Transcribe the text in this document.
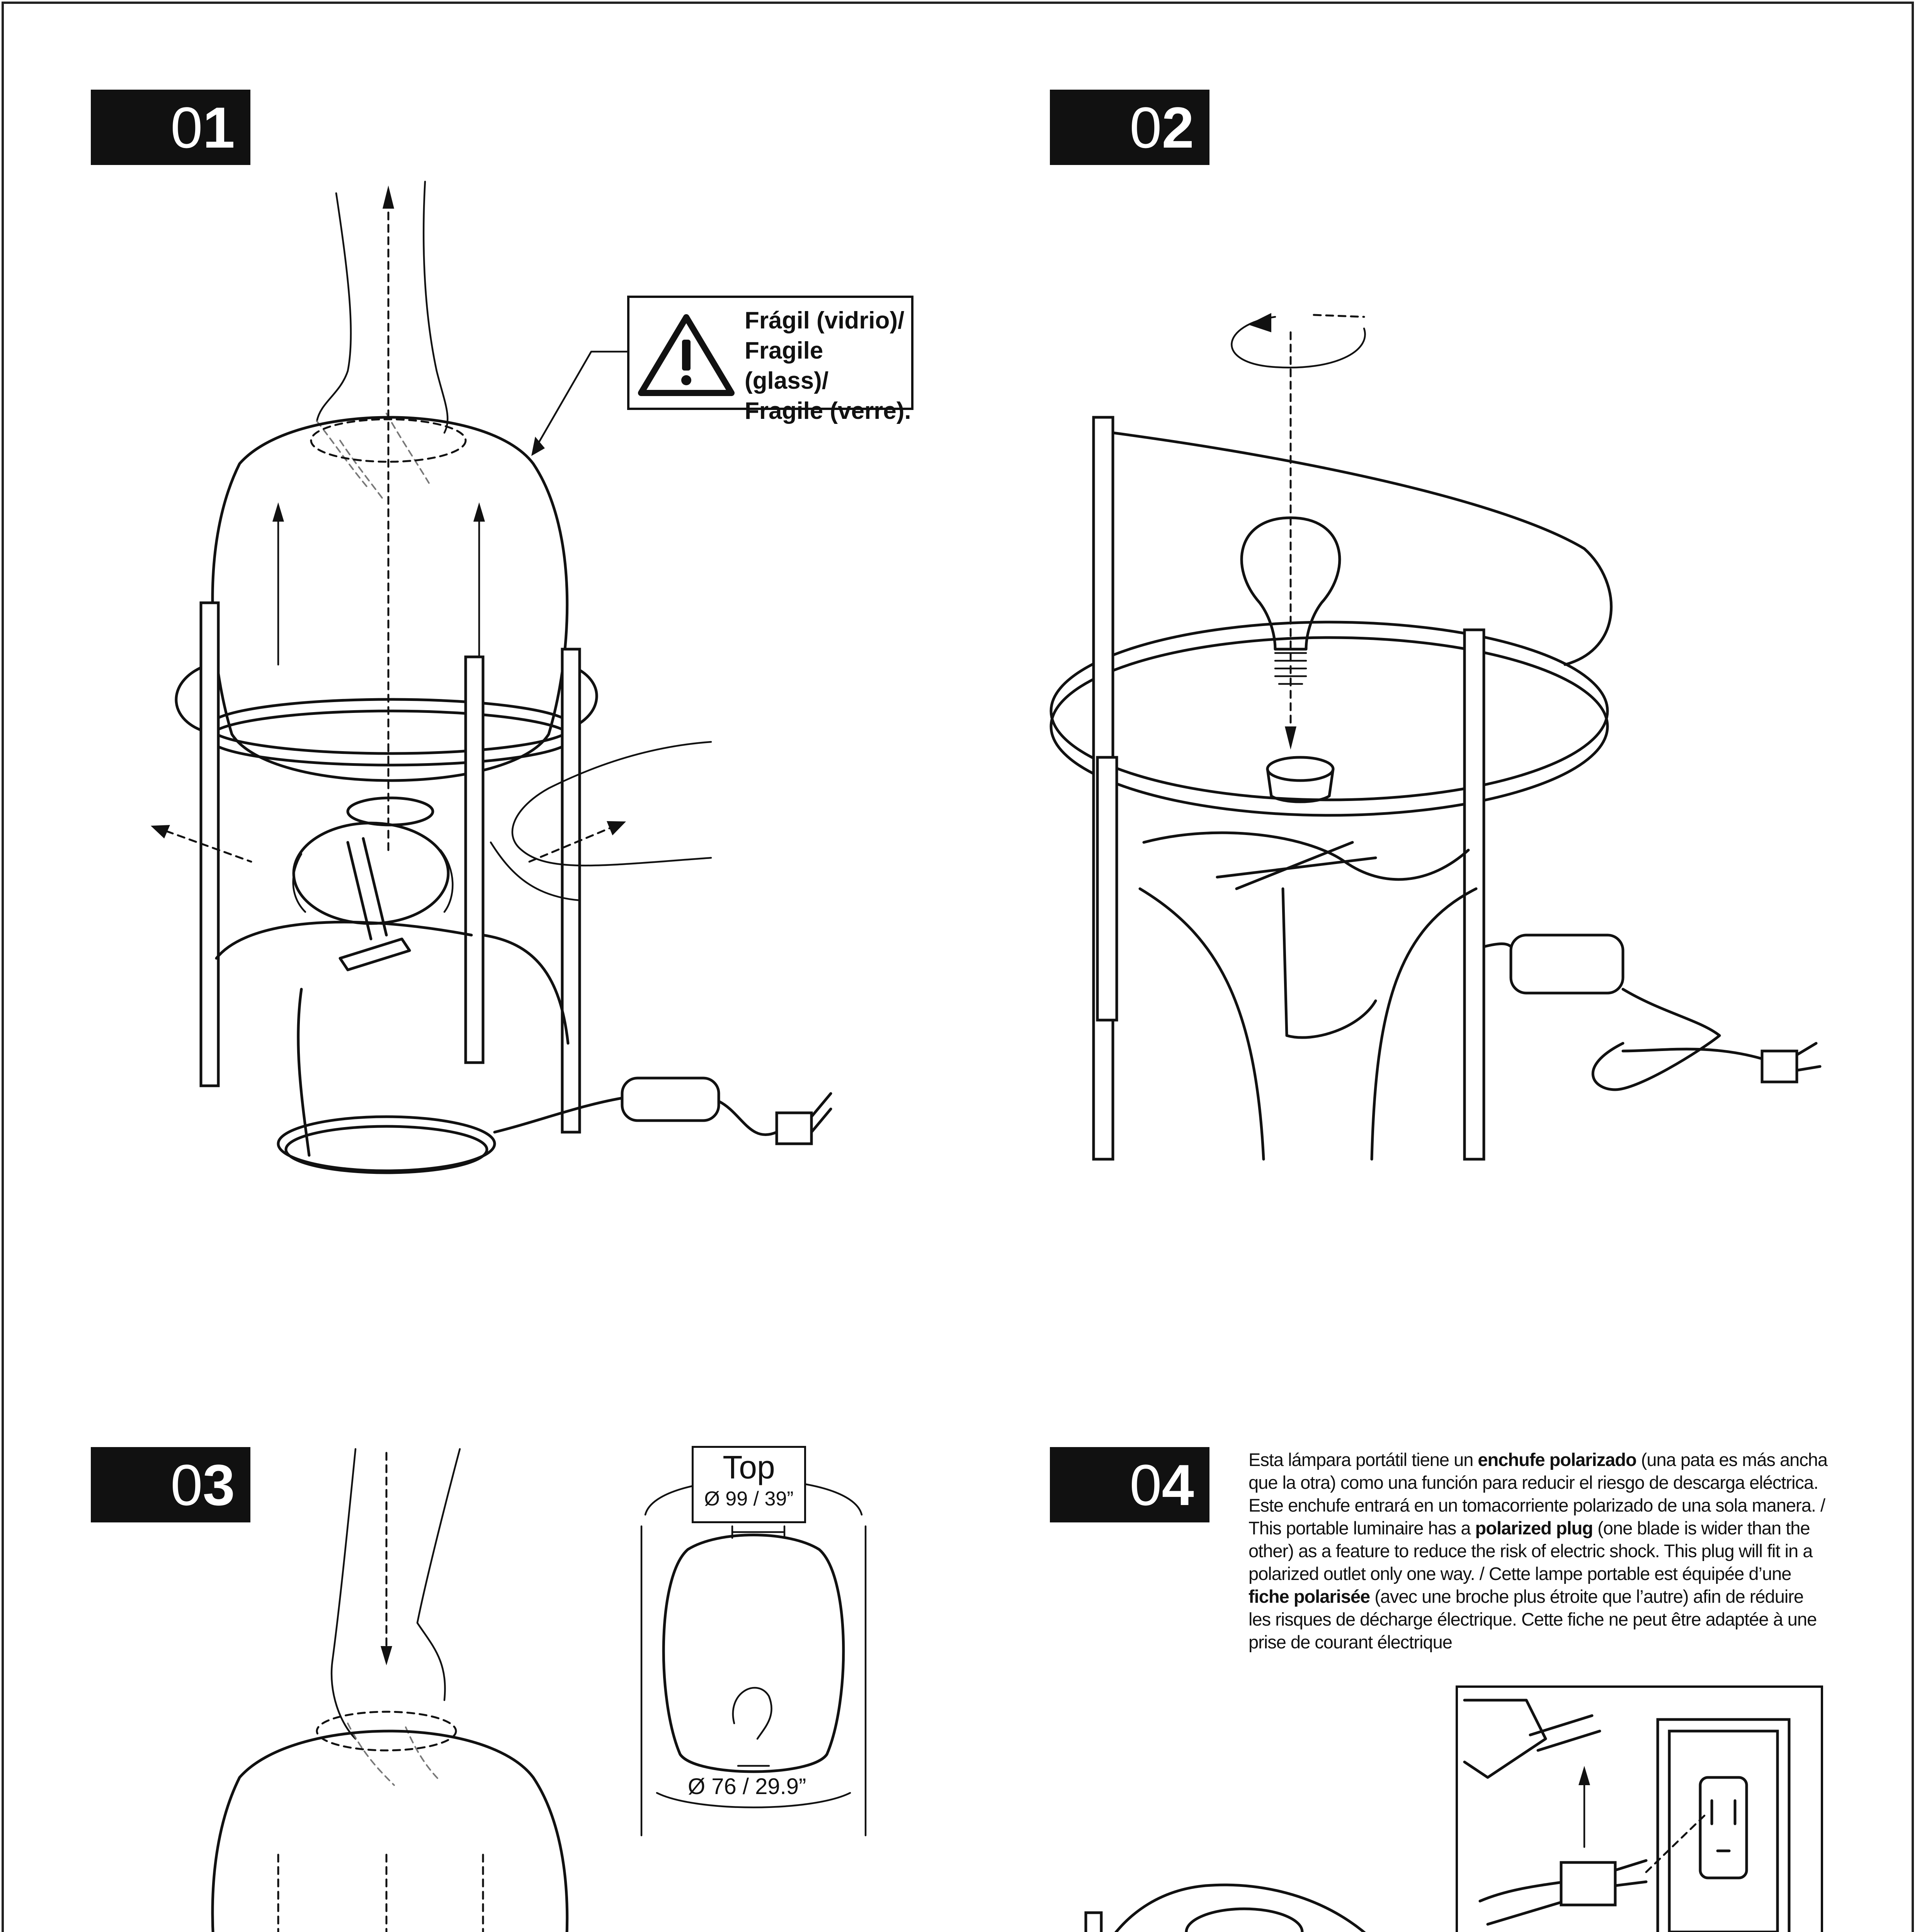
0 1	0 2
0 3	0 4
Frágil (vidrio)/
Fragile (glass)/
Fragile (verre).
Top
Ø 99 / 39”
Ø 76 / 29.9”
Esta lámpara portátil tiene un enchufe polarizado (una pata es más ancha que la otra) como una función para reducir el riesgo de descarga eléctrica. Este enchufe entrará en un tomacorriente polarizado de una sola manera. / This portable luminaire has a polarized plug (one blade is wider than the other) as a feature to reduce the risk of electric shock. This plug will fit in a polarized outlet only one way. / Cette lampe portable est équipée d’une fiche polarisée (avec une broche plus étroite que l’autre) afin de réduire les risques de décharge électrique. Cette fiche ne peut être adaptée à une prise de courant électrique
